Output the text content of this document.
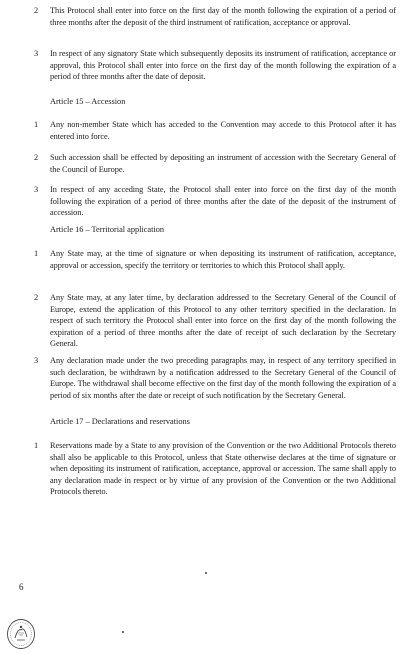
2 This Protocol shall enter into force on the first day of the month following the expiration of a period of three months after the deposit of the third instrument of ratification, acceptance or approval.
3 In respect of any signatory State which subsequently deposits its instrument of ratification, acceptance or approval, this Protocol shall enter into force on the first day of the month following the expiration of a period of three months after the date of deposit.
Article 15 – Accession
1 Any non-member State which has acceded to the Convention may accede to this Protocol after it has entered into force.
2 Such accession shall be effected by depositing an instrument of accession with the Secretary General of the Council of Europe.
3 In respect of any acceding State, the Protocol shall enter into force on the first day of the month following the expiration of a period of three months after the date of the deposit of the instrument of accession.
Article 16 – Territorial application
1 Any State may, at the time of signature or when depositing its instrument of ratification, acceptance, approval or accession, specify the territory or territories to which this Protocol shall apply.
2 Any State may, at any later time, by declaration addressed to the Secretary General of the Council of Europe, extend the application of this Protocol to any other territory specified in the declaration. In respect of such territory the Protocol shall enter into force on the first day of the month following the expiration of a period of three months after the date of receipt of such declaration by the Secretary General.
3 Any declaration made under the two preceding paragraphs may, in respect of any territory specified in such declaration, be withdrawn by a notification addressed to the Secretary General of the Council of Europe. The withdrawal shall become effective on the first day of the month following the expiration of a period of six months after the date or receipt of such notification by the Secretary General.
Article 17 – Declarations and reservations
1 Reservations made by a State to any provision of the Convention or the two Additional Protocols thereto shall also be applicable to this Protocol, unless that State otherwise declares at the time of signature or when depositing its instrument of ratification, acceptance, approval or accession. The same shall apply to any declaration made in respect or by virtue of any provision of the Convention or the two Additional Protocols thereto.
6
